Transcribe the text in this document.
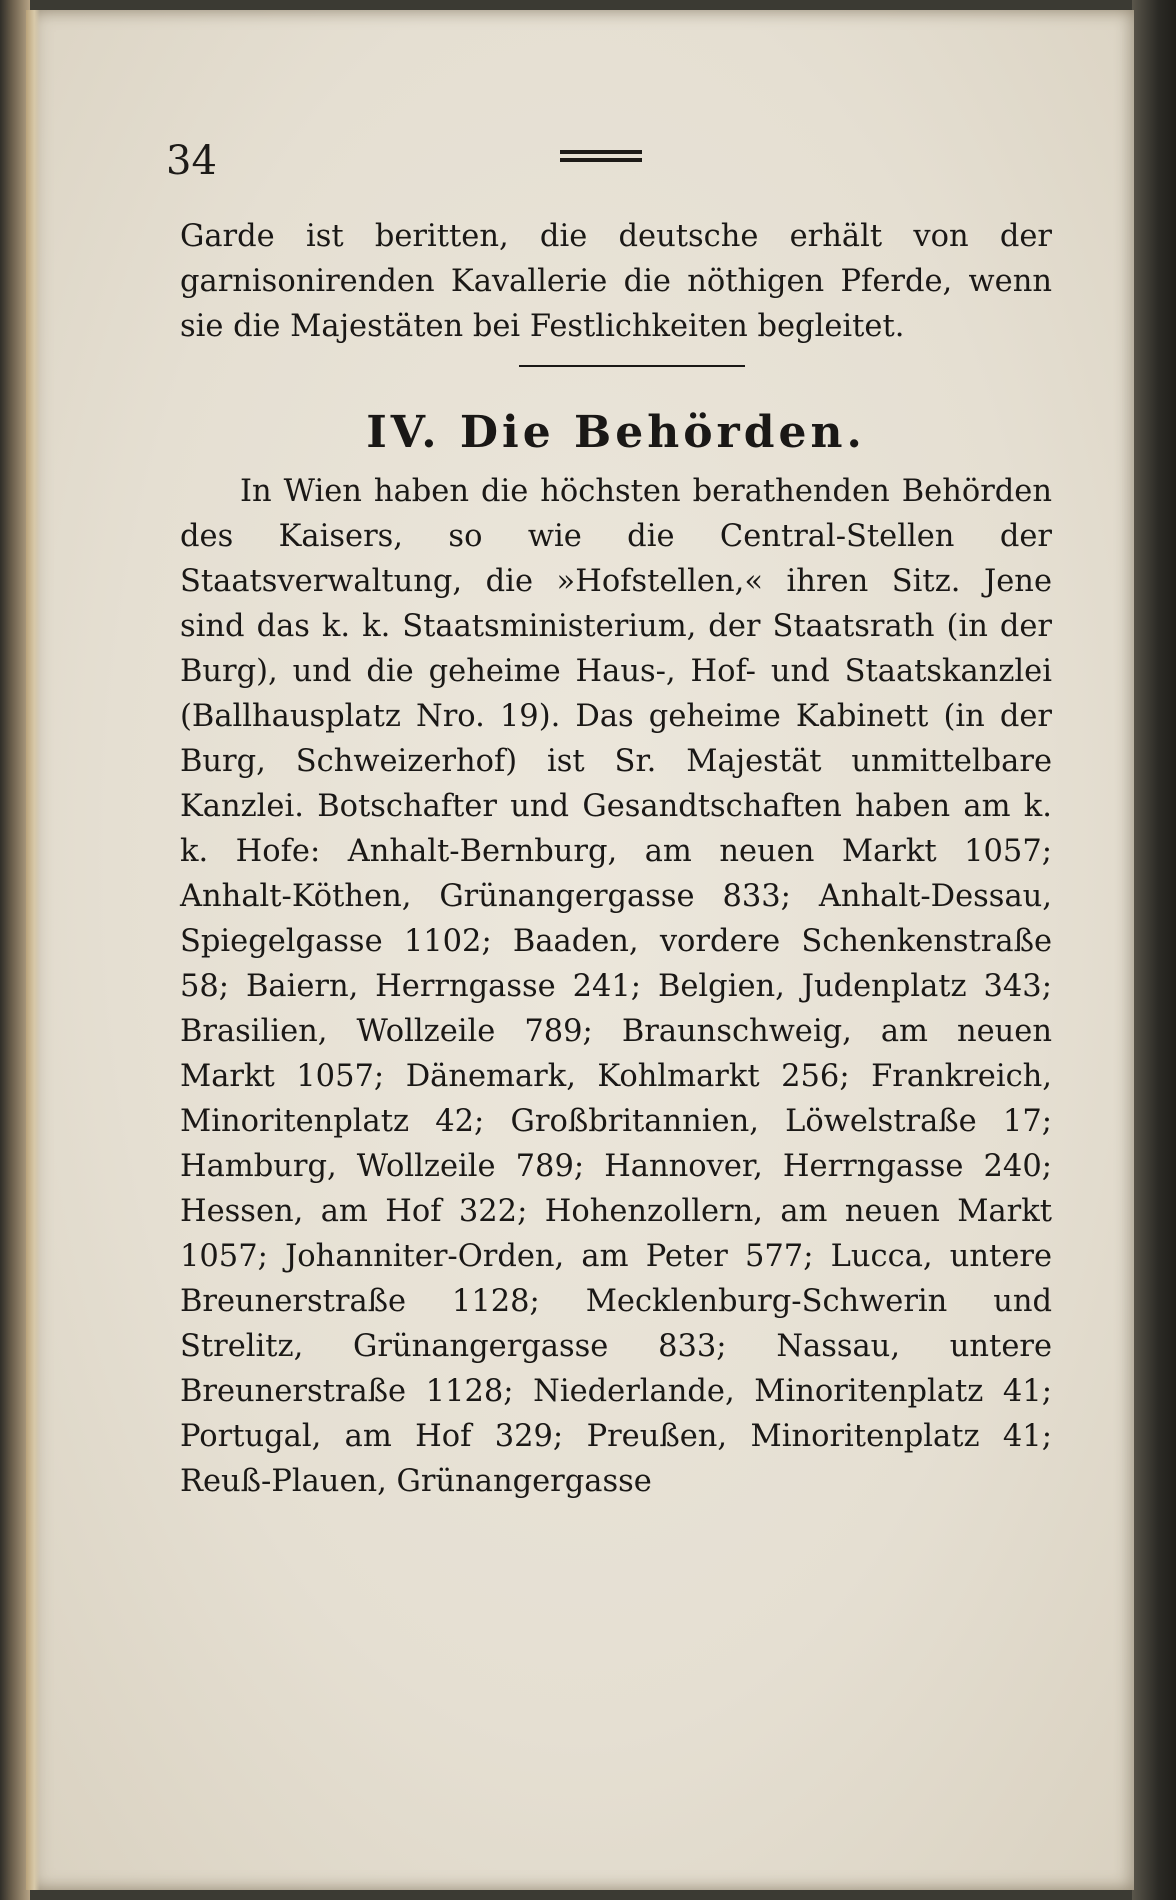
34

Garde ist beritten, die deutsche erhält von der garnisonirenden Kavallerie die nöthigen Pferde, wenn sie die Majestäten bei Festlichkeiten begleitet.

IV. Die Behörden.

In Wien haben die höchsten berathenden Behörden des Kaisers, so wie die Central-Stellen der Staatsverwaltung, die »Hofstellen,« ihren Sitz. Jene sind das k. k. Staatsministerium, der Staatsrath (in der Burg), und die geheime Haus-, Hof- und Staatskanzlei (Ballhausplatz Nro. 19). Das geheime Kabinett (in der Burg, Schweizerhof) ist Sr. Majestät unmittelbare Kanzlei. Botschafter und Gesandtschaften haben am k. k. Hofe: Anhalt-Bernburg, am neuen Markt 1057; Anhalt-Köthen, Grünangergasse 833; Anhalt-Dessau, Spiegelgasse 1102; Baaden, vordere Schenkenstraße 58; Baiern, Herrngasse 241; Belgien, Judenplatz 343; Brasilien, Wollzeile 789; Braunschweig, am neuen Markt 1057; Dänemark, Kohlmarkt 256; Frankreich, Minoritenplatz 42; Großbritannien, Löwelstraße 17; Hamburg, Wollzeile 789; Hannover, Herrngasse 240; Hessen, am Hof 322; Hohenzollern, am neuen Markt 1057; Johanniter-Orden, am Peter 577; Lucca, untere Breunerstraße 1128; Mecklenburg-Schwerin und Strelitz, Grünangergasse 833; Nassau, untere Breunerstraße 1128; Niederlande, Minoritenplatz 41; Portugal, am Hof 329; Preußen, Minoritenplatz 41; Reuß-Plauen, Grünangergasse
